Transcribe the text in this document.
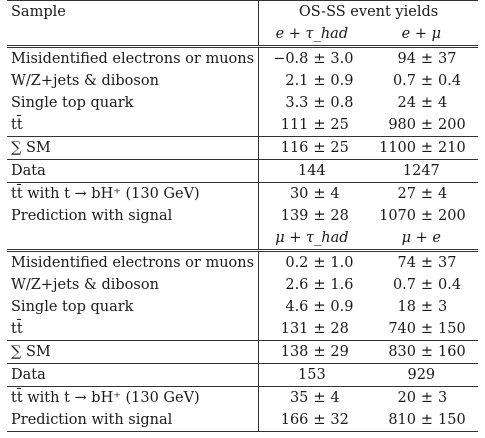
Sample	OS-SS event yields					
	e + τ_had			e + μ		
Misidentified electrons or muons	−0.8	±	3.0	94	±	37
W/Z+jets & diboson	2.1	±	0.9	0.7	±	0.4
Single top quark	3.3	±	0.8	24	±	4
tt̄	111	±	25	980	±	200
∑ SM	116	±	25	1100	±	210
Data	144			1247		
tt̄ with t → bH⁺ (130 GeV)	30	±	4	27	±	4
Prediction with signal	139	±	28	1070	±	200
	μ + τ_had			μ + e		
Misidentified electrons or muons	0.2	±	1.0	74	±	37
W/Z+jets & diboson	2.6	±	1.6	0.7	±	0.4
Single top quark	4.6	±	0.9	18	±	3
tt̄	131	±	28	740	±	150
∑ SM	138	±	29	830	±	160
Data	153			929		
tt̄ with t → bH⁺ (130 GeV)	35	±	4	20	±	3
Prediction with signal	166	±	32	810	±	150
